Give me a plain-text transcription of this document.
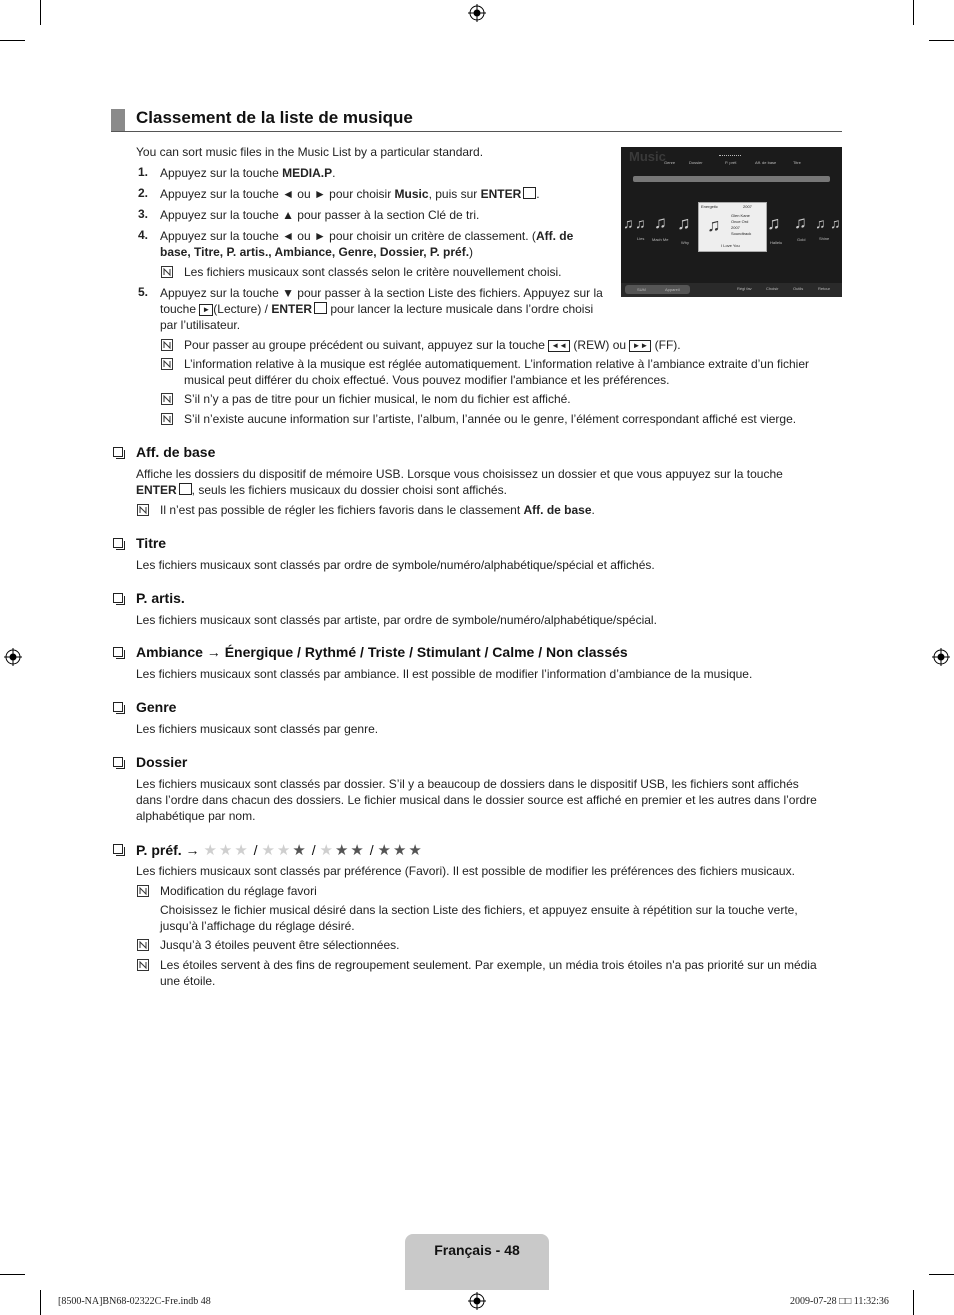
Classement de la liste de musique
You can sort music files in the Music List by a particular standard.
1. Appuyez sur la touche MEDIA.P.
2. Appuyez sur la touche ◄ ou ► pour choisir Music, puis sur ENTER .
3. Appuyez sur la touche ▲ pour passer à la section Clé de tri.
4. Appuyez sur la touche ◄ ou ► pour choisir un critère de classement. (Aff. de
base, Titre, P. artis., Ambiance, Genre, Dossier, P. préf.)
Les fichiers musicaux sont classés selon le critère nouvellement choisi.
5. Appuyez sur la touche ▼ pour passer à la section Liste des fichiers. Appuyez sur la
touche ► (Lecture) / ENTER pour lancer la lecture musicale dans l’ordre choisi
par l’utilisateur.
Pour passer au groupe précédent ou suivant, appuyez sur la touche ◄◄ (REW) ou ►► (FF).
L’information relative à la musique est réglée automatiquement. L’information relative à l’ambiance extraite d’un fichier
musical peut différer du choix effectué. Vous pouvez modifier l'ambiance et les préférences.
S’il n’y a pas de titre pour un fichier musical, le nom du fichier est affiché.
S’il n’existe aucune information sur l’artiste, l’album, l’année ou le genre, l’élément correspondant affiché est vierge.
Aff. de base
Affiche les dossiers du dispositif de mémoire USB. Lorsque vous choisissez un dossier et que vous appuyez sur la touche
ENTER , seuls les fichiers musicaux du dossier choisi sont affichés.
Il n’est pas possible de régler les fichiers favoris dans le classement Aff. de base.
Titre
Les fichiers musicaux sont classés par ordre de symbole/numéro/alphabétique/spécial et affichés.
P. artis.
Les fichiers musicaux sont classés par artiste, par ordre de symbole/numéro/alphabétique/spécial.
Ambiance → Énergique / Rythmé / Triste / Stimulant / Calme / Non classés
Les fichiers musicaux sont classés par ambiance. Il est possible de modifier l’information d’ambiance de la musique.
Genre
Les fichiers musicaux sont classés par genre.
Dossier
Les fichiers musicaux sont classés par dossier. S’il y a beaucoup de dossiers dans le dispositif USB, les fichiers sont affichés
dans l’ordre dans chacun des dossiers. Le fichier musical dans le dossier source est affiché en premier et les autres dans l’ordre
alphabétique par nom.
P. préf. → ★★★ / ★★★ / ★★★ / ★★★
Les fichiers musicaux sont classés par préférence (Favori). Il est possible de modifier les préférences des fichiers musicaux.
Modification du réglage favori
Choisissez le fichier musical désiré dans la section Liste des fichiers, et appuyez ensuite à répétition sur la touche verte,
jusqu’à l’affichage du réglage désiré.
Jusqu’à 3 étoiles peuvent être sélectionnées.
Les étoiles servent à des fins de regroupement seulement. Par exemple, un média trois étoiles n'a pas priorité sur un média
une étoile.
Music
Genre	Dossier	P. préf.	Aff. de base	Titre
♫ ♫ ♫ ♫	♫ ♫ ♫ ♫
Energetic	2007
♫	Glen Kane
Once Ord
2007
Soundtrack
I Love You
Lies Mach Me
Why	Hallelu
Gold	Shine
SUM	Appareil	Régl fav	Choisir	Outils	Retour
Français - 48
[8500-NA]BN68-02322C-Fre.indb 48	2009-07-28 □□ 11:32:36
